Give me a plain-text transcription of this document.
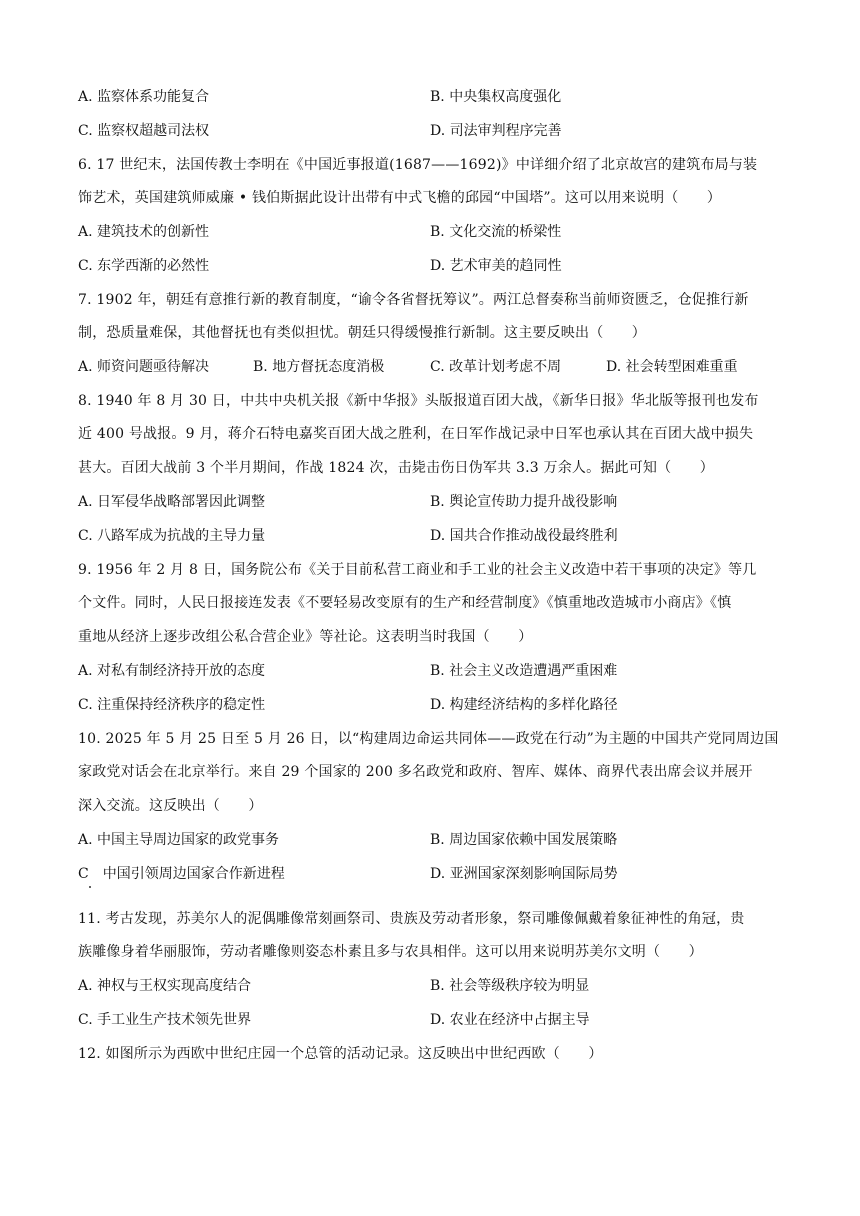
A. 监察体系功能复合	B. 中央集权高度强化
C. 监察权超越司法权	D. 司法审判程序完善
6. 17 世纪末，法国传教士李明在《中国近事报道(1687——1692)》中详细介绍了北京故宫的建筑布局与装
饰艺术，英国建筑师威廉 • 钱伯斯据此设计出带有中式飞檐的邱园“中国塔”。这可以用来说明（　　）
A. 建筑技术的创新性	B. 文化交流的桥梁性
C. 东学西渐的必然性	D. 艺术审美的趋同性
7. 1902 年，朝廷有意推行新的教育制度，“谕令各省督抚筹议”。两江总督奏称当前师资匮乏，仓促推行新
制，恐质量难保，其他督抚也有类似担忧。朝廷只得缓慢推行新制。这主要反映出（　　）
A. 师资问题亟待解决	B. 地方督抚态度消极	C. 改革计划考虑不周	D. 社会转型困难重重
8. 1940 年 8 月 30 日，中共中央机关报《新中华报》头版报道百团大战，《新华日报》华北版等报刊也发布
近 400 号战报。9 月，蒋介石特电嘉奖百团大战之胜利，在日军作战记录中日军也承认其在百团大战中损失
甚大。百团大战前 3 个半月期间，作战 1824 次，击毙击伤日伪军共 3.3 万余人。据此可知（　　）
A. 日军侵华战略部署因此调整	B. 舆论宣传助力提升战役影响
C. 八路军成为抗战的主导力量	D. 国共合作推动战役最终胜利
9. 1956 年 2 月 8 日，国务院公布《关于目前私营工商业和手工业的社会主义改造中若干事项的决定》等几
个文件。同时，人民日报接连发表《不要轻易改变原有的生产和经营制度》《慎重地改造城市小商店》《慎
重地从经济上逐步改组公私合营企业》等社论。这表明当时我国（　　）
A. 对私有制经济持开放的态度	B. 社会主义改造遭遇严重困难
C. 注重保持经济秩序的稳定性	D. 构建经济结构的多样化路径
10. 2025 年 5 月 25 日至 5 月 26 日，以“构建周边命运共同体——政党在行动”为主题的中国共产党同周边国
家政党对话会在北京举行。来自 29 个国家的 200 多名政党和政府、智库、媒体、商界代表出席会议并展开
深入交流。这反映出（　　）
A. 中国主导周边国家的政党事务	B. 周边国家依赖中国发展策略
C　中国引领周边国家合作新进程	D. 亚洲国家深刻影响国际局势
11. 考古发现，苏美尔人的泥偶雕像常刻画祭司、贵族及劳动者形象，祭司雕像佩戴着象征神性的角冠，贵
族雕像身着华丽服饰，劳动者雕像则姿态朴素且多与农具相伴。这可以用来说明苏美尔文明（　　）
A. 神权与王权实现高度结合	B. 社会等级秩序较为明显
C. 手工业生产技术领先世界	D. 农业在经济中占据主导
12. 如图所示为西欧中世纪庄园一个总管的活动记录。这反映出中世纪西欧（　　）
